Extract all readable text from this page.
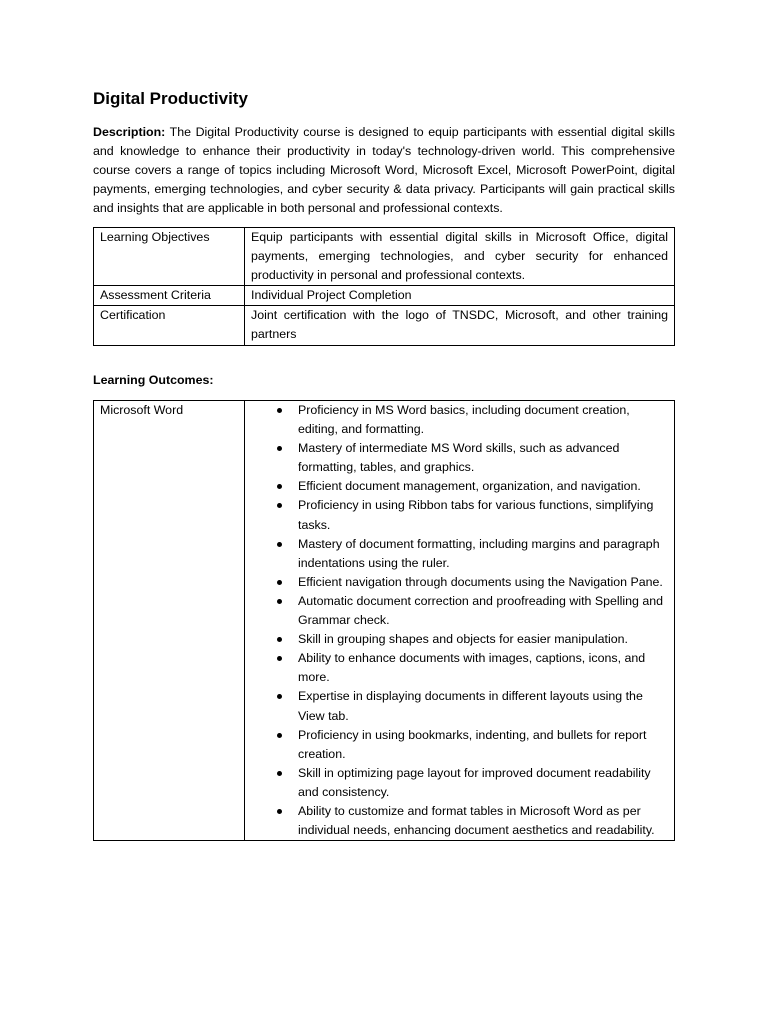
Digital Productivity

Description: The Digital Productivity course is designed to equip participants with essential digital skills and knowledge to enhance their productivity in today's technology-driven world. This comprehensive course covers a range of topics including Microsoft Word, Microsoft Excel, Microsoft PowerPoint, digital payments, emerging technologies, and cyber security & data privacy. Participants will gain practical skills and insights that are applicable in both personal and professional contexts.

Learning Objectives	Equip participants with essential digital skills in Microsoft Office, digital payments, emerging technologies, and cyber security for enhanced productivity in personal and professional contexts.
Assessment Criteria	Individual Project Completion
Certification	Joint certification with the logo of TNSDC, Microsoft, and other training partners

Learning Outcomes:

Microsoft Word	Proficiency in MS Word basics, including document creation, editing, and formatting.
Mastery of intermediate MS Word skills, such as advanced formatting, tables, and graphics.
Efficient document management, organization, and navigation.
Proficiency in using Ribbon tabs for various functions, simplifying tasks.
Mastery of document formatting, including margins and paragraph indentations using the ruler.
Efficient navigation through documents using the Navigation Pane.
Automatic document correction and proofreading with Spelling and Grammar check.
Skill in grouping shapes and objects for easier manipulation.
Ability to enhance documents with images, captions, icons, and more.
Expertise in displaying documents in different layouts using the View tab.
Proficiency in using bookmarks, indenting, and bullets for report creation.
Skill in optimizing page layout for improved document readability and consistency.
Ability to customize and format tables in Microsoft Word as per individual needs, enhancing document aesthetics and readability.
